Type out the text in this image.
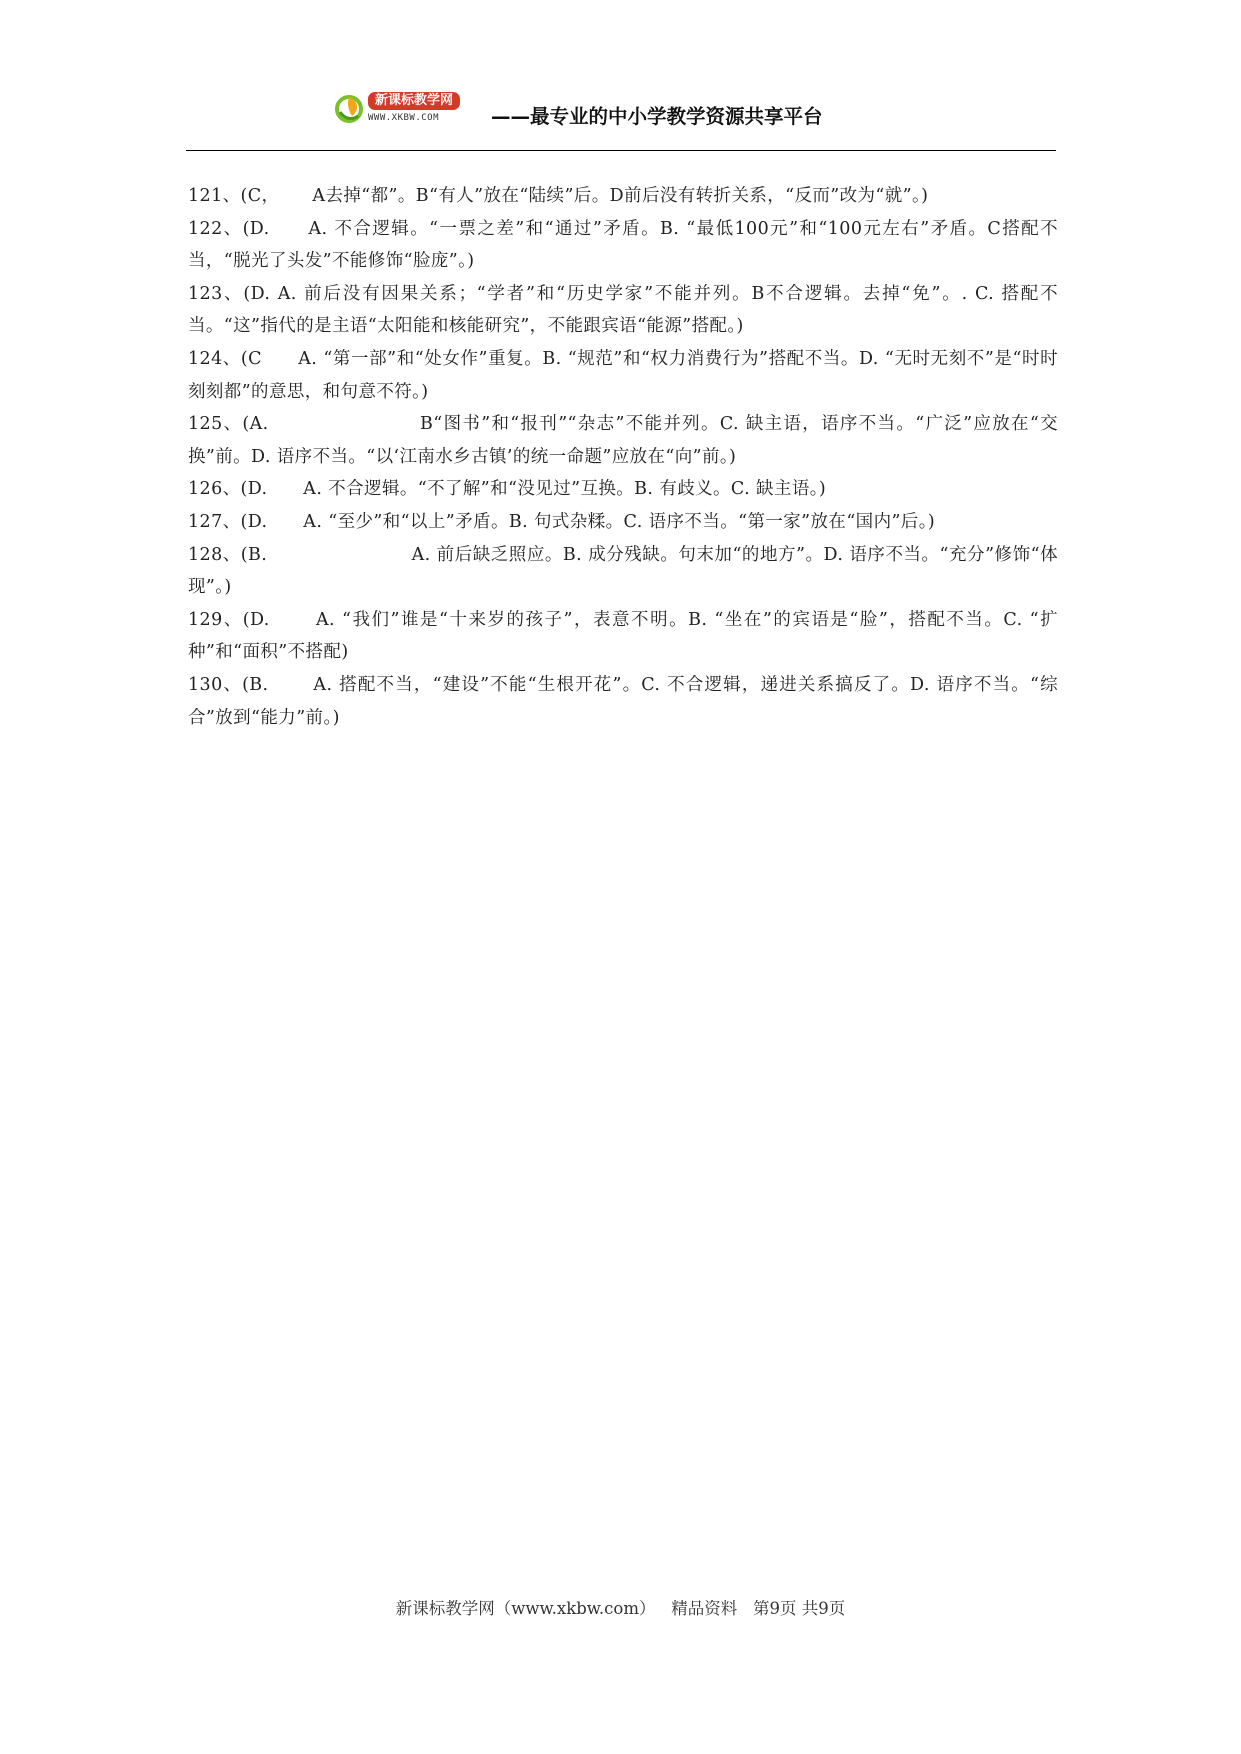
新课标教学网
WWW.XKBW.COM	——最专业的中小学教学资源共享平台

121、(C，　　 A去掉“都”。B“有人”放在“陆续”后。D前后没有转折关系，“反而”改为“就”。)

122、(D.　　A. 不合逻辑。“一票之差”和“通过”矛盾。B. “最低100元”和“100元左右”矛盾。C搭配不当，“脱光了头发”不能修饰“脸庞”。)

123、(D. A. 前后没有因果关系；“学者”和“历史学家”不能并列。B不合逻辑。去掉“免”。. C. 搭配不当。“这”指代的是主语“太阳能和核能研究”，不能跟宾语“能源”搭配。)

124、(C　　A. “第一部”和“处女作”重复。B. “规范”和“权力消费行为”搭配不当。D. “无时无刻不”是“时时刻刻都”的意思，和句意不符。)

125、(A.　　　　　　　　B“图书”和“报刊”“杂志”不能并列。C. 缺主语，语序不当。“广泛”应放在“交换”前。D. 语序不当。“以‘江南水乡古镇’的统一命题”应放在“向”前。)

126、(D.　　A. 不合逻辑。“不了解”和“没见过”互换。B. 有歧义。C. 缺主语。)

127、(D.　　A. “至少”和“以上”矛盾。B. 句式杂糅。C. 语序不当。“第一家”放在“国内”后。)

128、(B.　　　　　　　　A. 前后缺乏照应。B. 成分残缺。句末加“的地方”。D. 语序不当。“充分”修饰“体现”。)

129、(D.　　 A. “我们”谁是“十来岁的孩子”，表意不明。B. “坐在”的宾语是“脸”，搭配不当。C. “扩种”和“面积”不搭配)

130、(B.　　 A. 搭配不当，“建设”不能“生根开花”。C. 不合逻辑，递进关系搞反了。D. 语序不当。“综合”放到“能力”前。)

新课标教学网（www.xkbw.com） 精品资料 第9页 共9页
